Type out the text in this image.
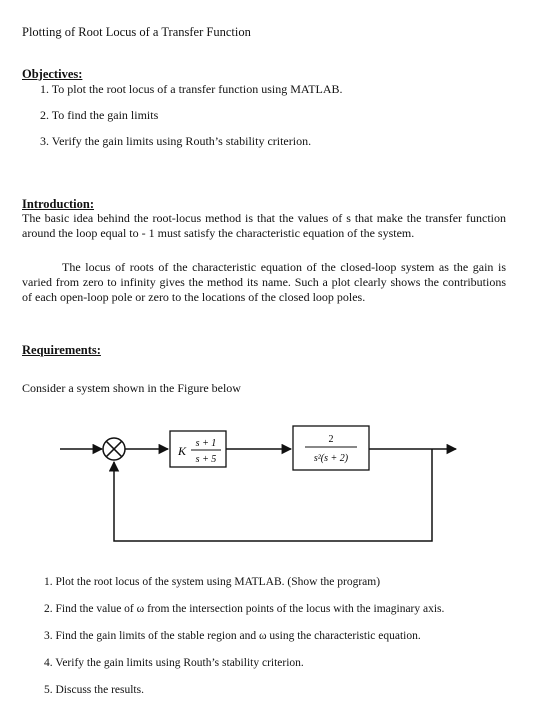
Plotting of Root Locus of a Transfer Function
Objectives:
1. To plot the root locus of a transfer function using MATLAB.
2. To find the gain limits
3. Verify the gain limits using Routh’s stability criterion.
Introduction:
The basic idea behind the root-locus method is that the values of s that make the transfer function around the loop equal to - 1 must satisfy the characteristic equation of the system.
The locus of roots of the characteristic equation of the closed-loop system as the gain is varied from zero to infinity gives the method its name. Such a plot clearly shows the contributions of each open-loop pole or zero to the locations of the closed loop poles.
Requirements:
Consider a system shown in the Figure below
K
s + 1
s + 5
2
s²(s + 2)
1. Plot the root locus of the system using MATLAB. (Show the program)
2. Find the value of ω from the intersection points of the locus with the imaginary axis.
3. Find the gain limits of the stable region and ω using the characteristic equation.
4. Verify the gain limits using Routh’s stability criterion.
5. Discuss the results.
